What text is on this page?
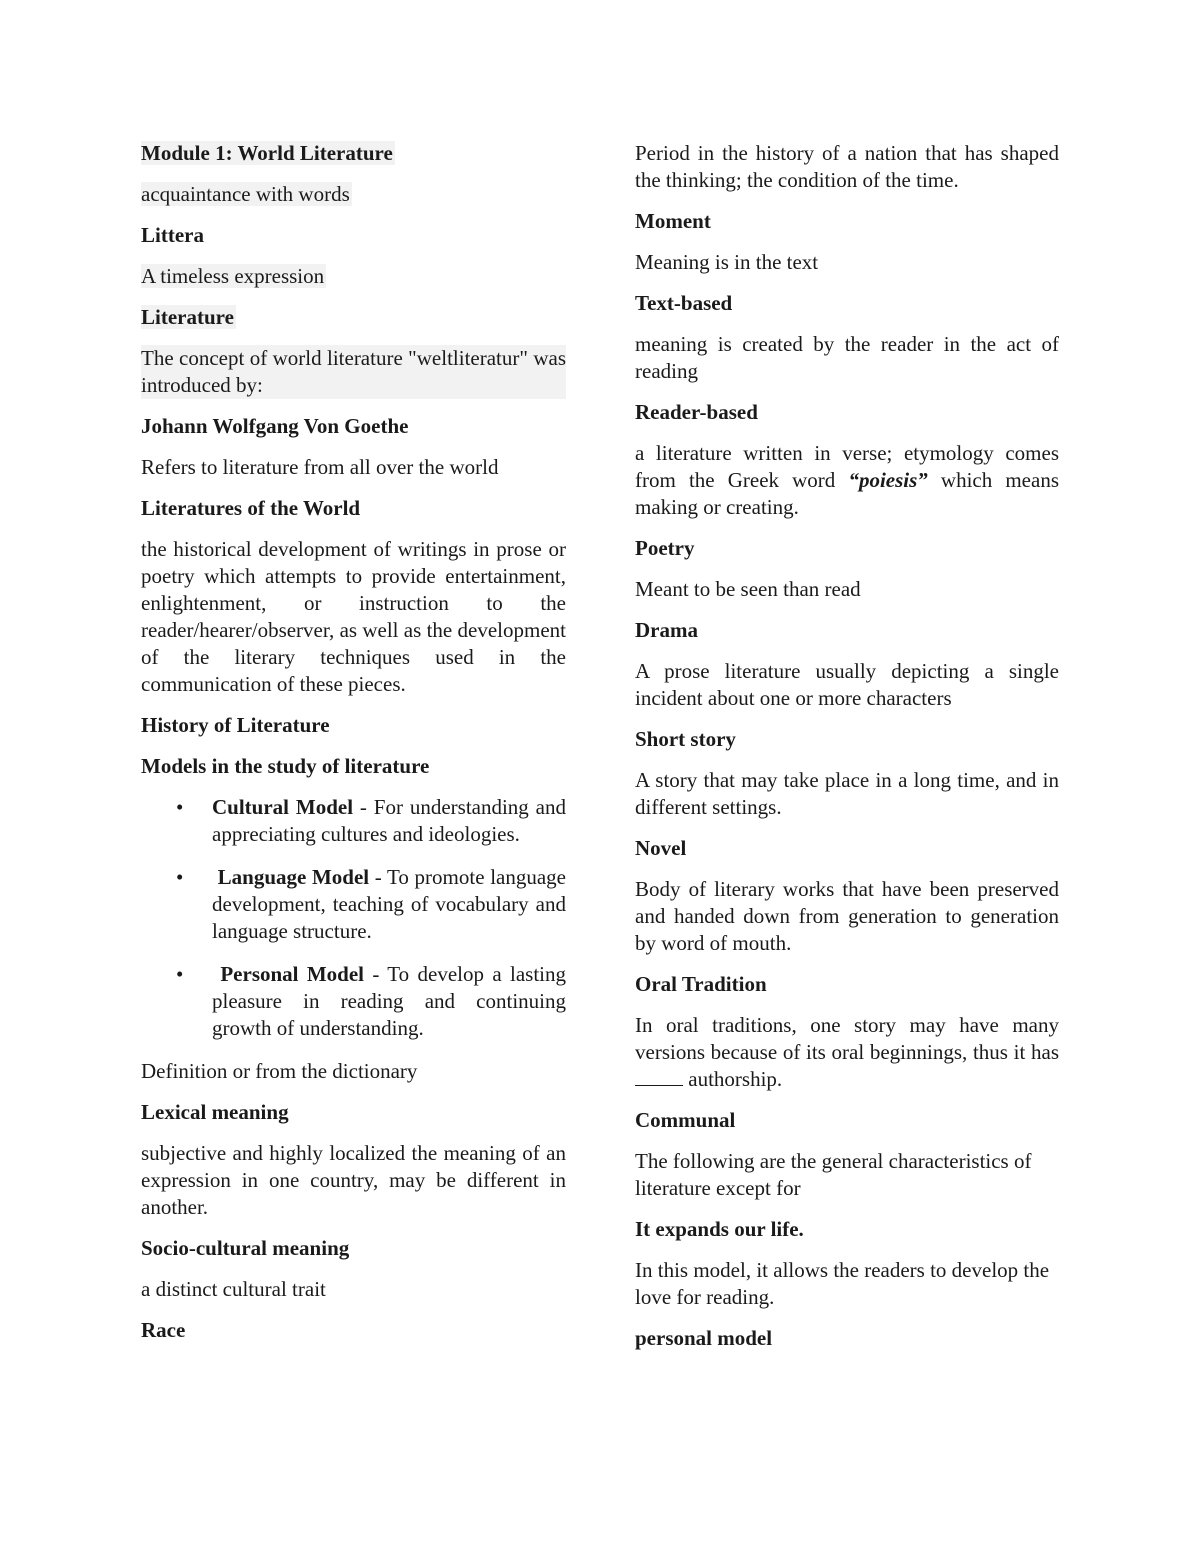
Module 1: World Literature

acquaintance with words

Littera

A timeless expression

Literature

The concept of world literature "weltliteratur" was introduced by:

Johann Wolfgang Von Goethe

Refers to literature from all over the world

Literatures of the World

the historical development of writings in prose or poetry which attempts to provide entertainment, enlightenment, or instruction to the reader/hearer/observer, as well as the development of the literary techniques used in the communication of these pieces.

History of Literature

Models in the study of literature

• Cultural Model - For understanding and appreciating cultures and ideologies.
• Language Model - To promote language development, teaching of vocabulary and language structure.
• Personal Model - To develop a lasting pleasure in reading and continuing growth of understanding.

Definition or from the dictionary

Lexical meaning

subjective and highly localized the meaning of an expression in one country, may be different in another.

Socio-cultural meaning

a distinct cultural trait

Race

Period in the history of a nation that has shaped the thinking; the condition of the time.

Moment

Meaning is in the text

Text-based

meaning is created by the reader in the act of reading

Reader-based

a literature written in verse; etymology comes from the Greek word “poiesis” which means making or creating.

Poetry

Meant to be seen than read

Drama

A prose literature usually depicting a single incident about one or more characters

Short story

A story that may take place in a long time, and in different settings.

Novel

Body of literary works that have been preserved and handed down from generation to generation by word of mouth.

Oral Tradition

In oral traditions, one story may have many versions because of its oral beginnings, thus it has  authorship.

Communal

The following are the general characteristics of literature except for

It expands our life.

In this model, it allows the readers to develop the love for reading.

personal model
